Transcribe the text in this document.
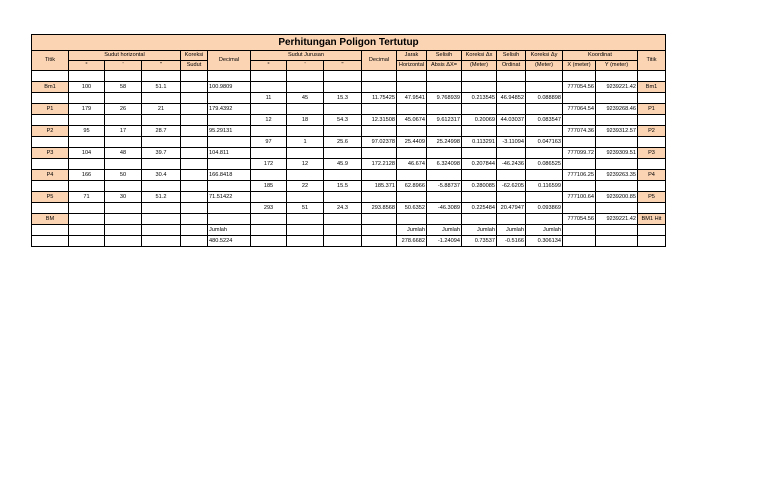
Perhitungan Poligon Tertutup																	
Titik	Sudut horizontal			Koreksi	Decimal	Sudut Jurusan			Decimal	Jarak	Selisih	Koreksi Δx	Selisih	Koreksi Δy	Koordinat		Titik
	°	'	"	Sudut		°	'	"		Horizontal	Absis ΔX=	(Meter)	Ordinat	(Meter)	X (meter)	Y (meter)	

Bm1	100	58	51.1		100.9809										777054.56	9239221.42	Bm1
						11	45	15.3	11.75425	47.9541	9.768939	0.213545	46.94852	0.088898			
P1	179	26	21		179.4392										777064.54	9239268.46	P1
						12	18	54.3	12.31508	45.0674	9.612317	0.20069	44.03037	0.083547			
P2	95	17	28.7		95.29131										777074.36	9239312.57	P2
						97	1	25.6	97.02378	25.4409	25.24998	0.113291	-3.11094	0.047163			
P3	104	48	39.7		104.811										777099.72	9239309.51	P3
						172	12	45.9	172.2128	46.674	6.324098	0.207844	-46.2436	0.086525			
P4	166	50	30.4		166.8418										777106.25	9239263.35	P4
						185	22	15.5	185.371	62.8966	-5.88737	0.280085	-62.6205	0.116599			
P5	71	30	51.2		71.51422										777100.64	9239200.85	P5
						293	51	24.3	293.8568	50.6352	-46.3089	0.225484	20.47947	0.093869			
BM															777054.56	9239221.42	BM1 Hit
					Jumlah					Jumlah	Jumlah	Jumlah	Jumlah	Jumlah			
					480.5224					278.6682	-1.24094	0.73537	-0.5166	0.306134			
